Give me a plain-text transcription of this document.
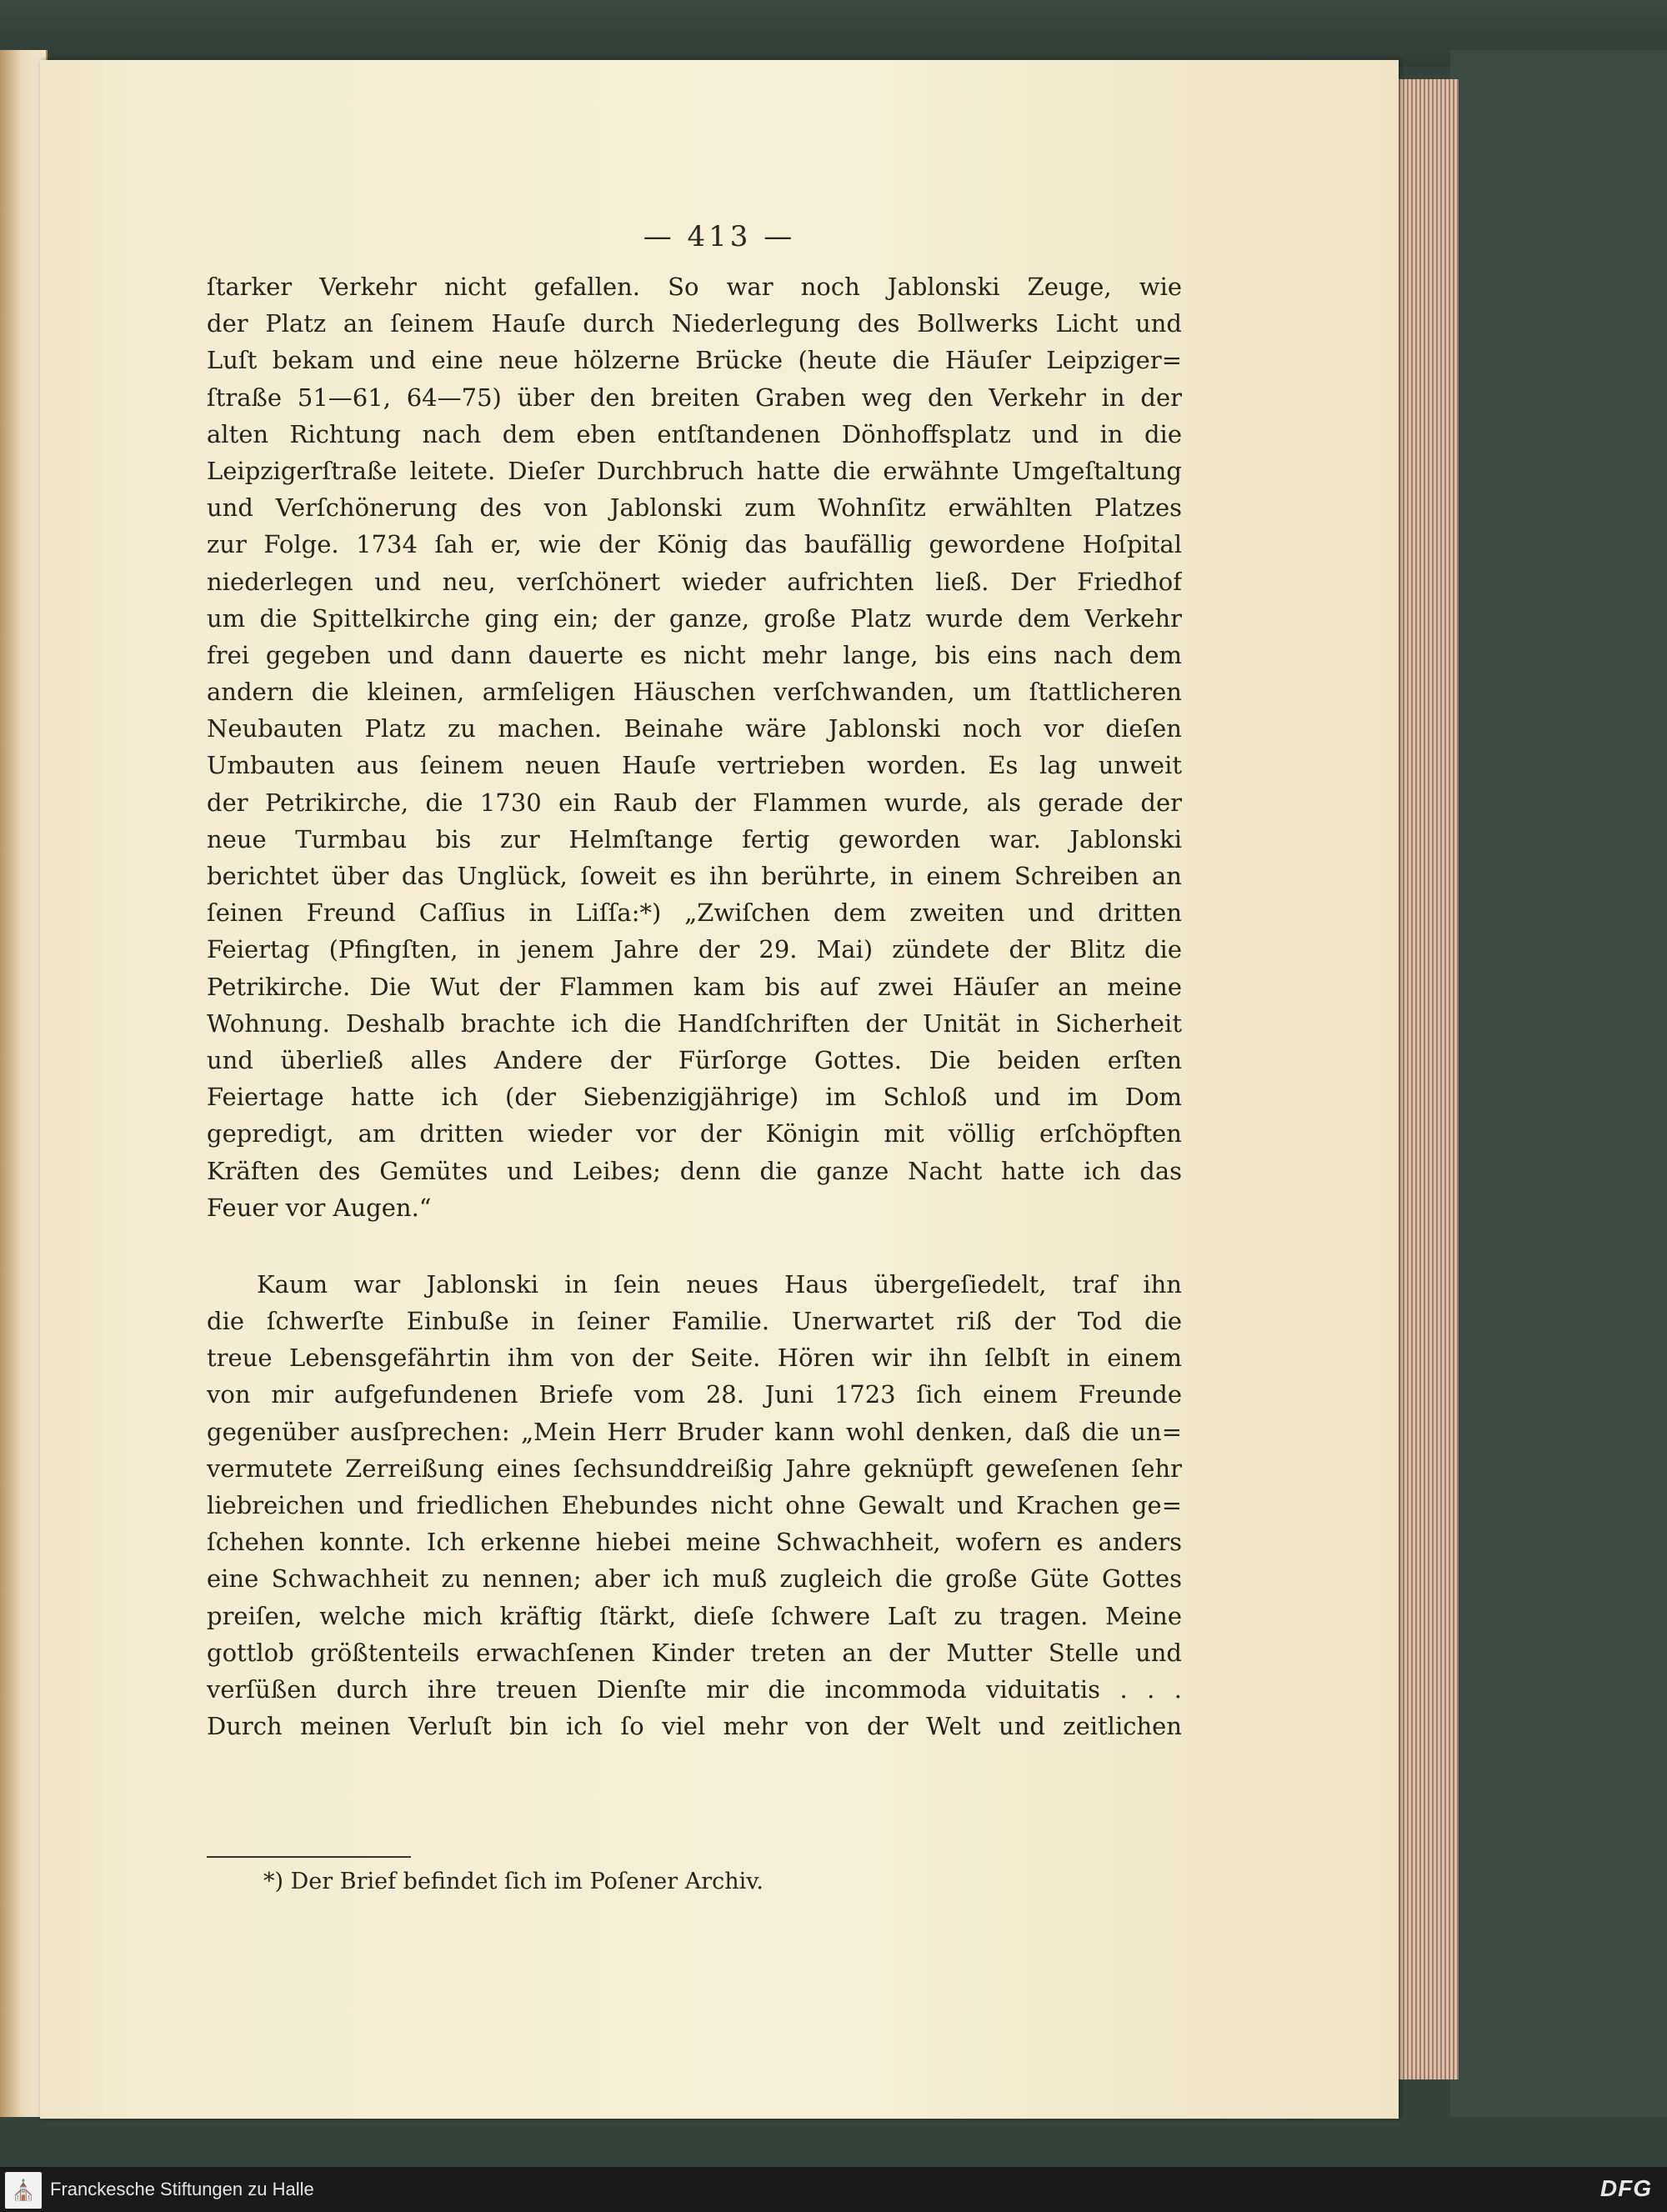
— 413 —
ſtarker Verkehr nicht gefallen. So war noch Jablonski Zeuge, wie
der Platz an ſeinem Hauſe durch Niederlegung des Bollwerks Licht und
Luſt bekam und eine neue hölzerne Brücke (heute die Häuſer Leipziger=
ſtraße 51—61, 64—75) über den breiten Graben weg den Verkehr in der
alten Richtung nach dem eben entſtandenen Dönhoffsplatz und in die
Leipzigerſtraße leitete. Dieſer Durchbruch hatte die erwähnte Umgeſtaltung
und Verſchönerung des von Jablonski zum Wohnſitz erwählten Platzes
zur Folge. 1734 ſah er, wie der König das baufällig gewordene Hoſpital
niederlegen und neu, verſchönert wieder aufrichten ließ. Der Friedhof
um die Spittelkirche ging ein; der ganze, große Platz wurde dem Verkehr
frei gegeben und dann dauerte es nicht mehr lange, bis eins nach dem
andern die kleinen, armſeligen Häuschen verſchwanden, um ſtattlicheren
Neubauten Platz zu machen. Beinahe wäre Jablonski noch vor dieſen
Umbauten aus ſeinem neuen Hauſe vertrieben worden. Es lag unweit
der Petrikirche, die 1730 ein Raub der Flammen wurde, als gerade der
neue Turmbau bis zur Helmſtange fertig geworden war. Jablonski
berichtet über das Unglück, ſoweit es ihn berührte, in einem Schreiben an
ſeinen Freund Caſſius in Liſſa:*) „Zwiſchen dem zweiten und dritten
Feiertag (Pfingſten, in jenem Jahre der 29. Mai) zündete der Blitz die
Petrikirche. Die Wut der Flammen kam bis auf zwei Häuſer an meine
Wohnung. Deshalb brachte ich die Handſchriften der Unität in Sicherheit
und überließ alles Andere der Fürſorge Gottes. Die beiden erſten
Feiertage hatte ich (der Siebenzigjährige) im Schloß und im Dom
gepredigt, am dritten wieder vor der Königin mit völlig erſchöpften
Kräften des Gemütes und Leibes; denn die ganze Nacht hatte ich das
Feuer vor Augen.“
Kaum war Jablonski in ſein neues Haus übergeſiedelt, traf ihn
die ſchwerſte Einbuße in ſeiner Familie. Unerwartet riß der Tod die
treue Lebensgefährtin ihm von der Seite. Hören wir ihn ſelbſt in einem
von mir aufgefundenen Briefe vom 28. Juni 1723 ſich einem Freunde
gegenüber ausſprechen: „Mein Herr Bruder kann wohl denken, daß die un=
vermutete Zerreißung eines ſechsunddreißig Jahre geknüpft geweſenen ſehr
liebreichen und friedlichen Ehebundes nicht ohne Gewalt und Krachen ge=
ſchehen konnte. Ich erkenne hiebei meine Schwachheit, wofern es anders
eine Schwachheit zu nennen; aber ich muß zugleich die große Güte Gottes
preiſen, welche mich kräftig ſtärkt, dieſe ſchwere Laſt zu tragen. Meine
gottlob größtenteils erwachſenen Kinder treten an der Mutter Stelle und
verſüßen durch ihre treuen Dienſte mir die incommoda viduitatis . . .
Durch meinen Verluſt bin ich ſo viel mehr von der Welt und zeitlichen
*) Der Brief befindet ſich im Poſener Archiv.
⛪ Franckesche Stiftungen zu Halle	DFG
